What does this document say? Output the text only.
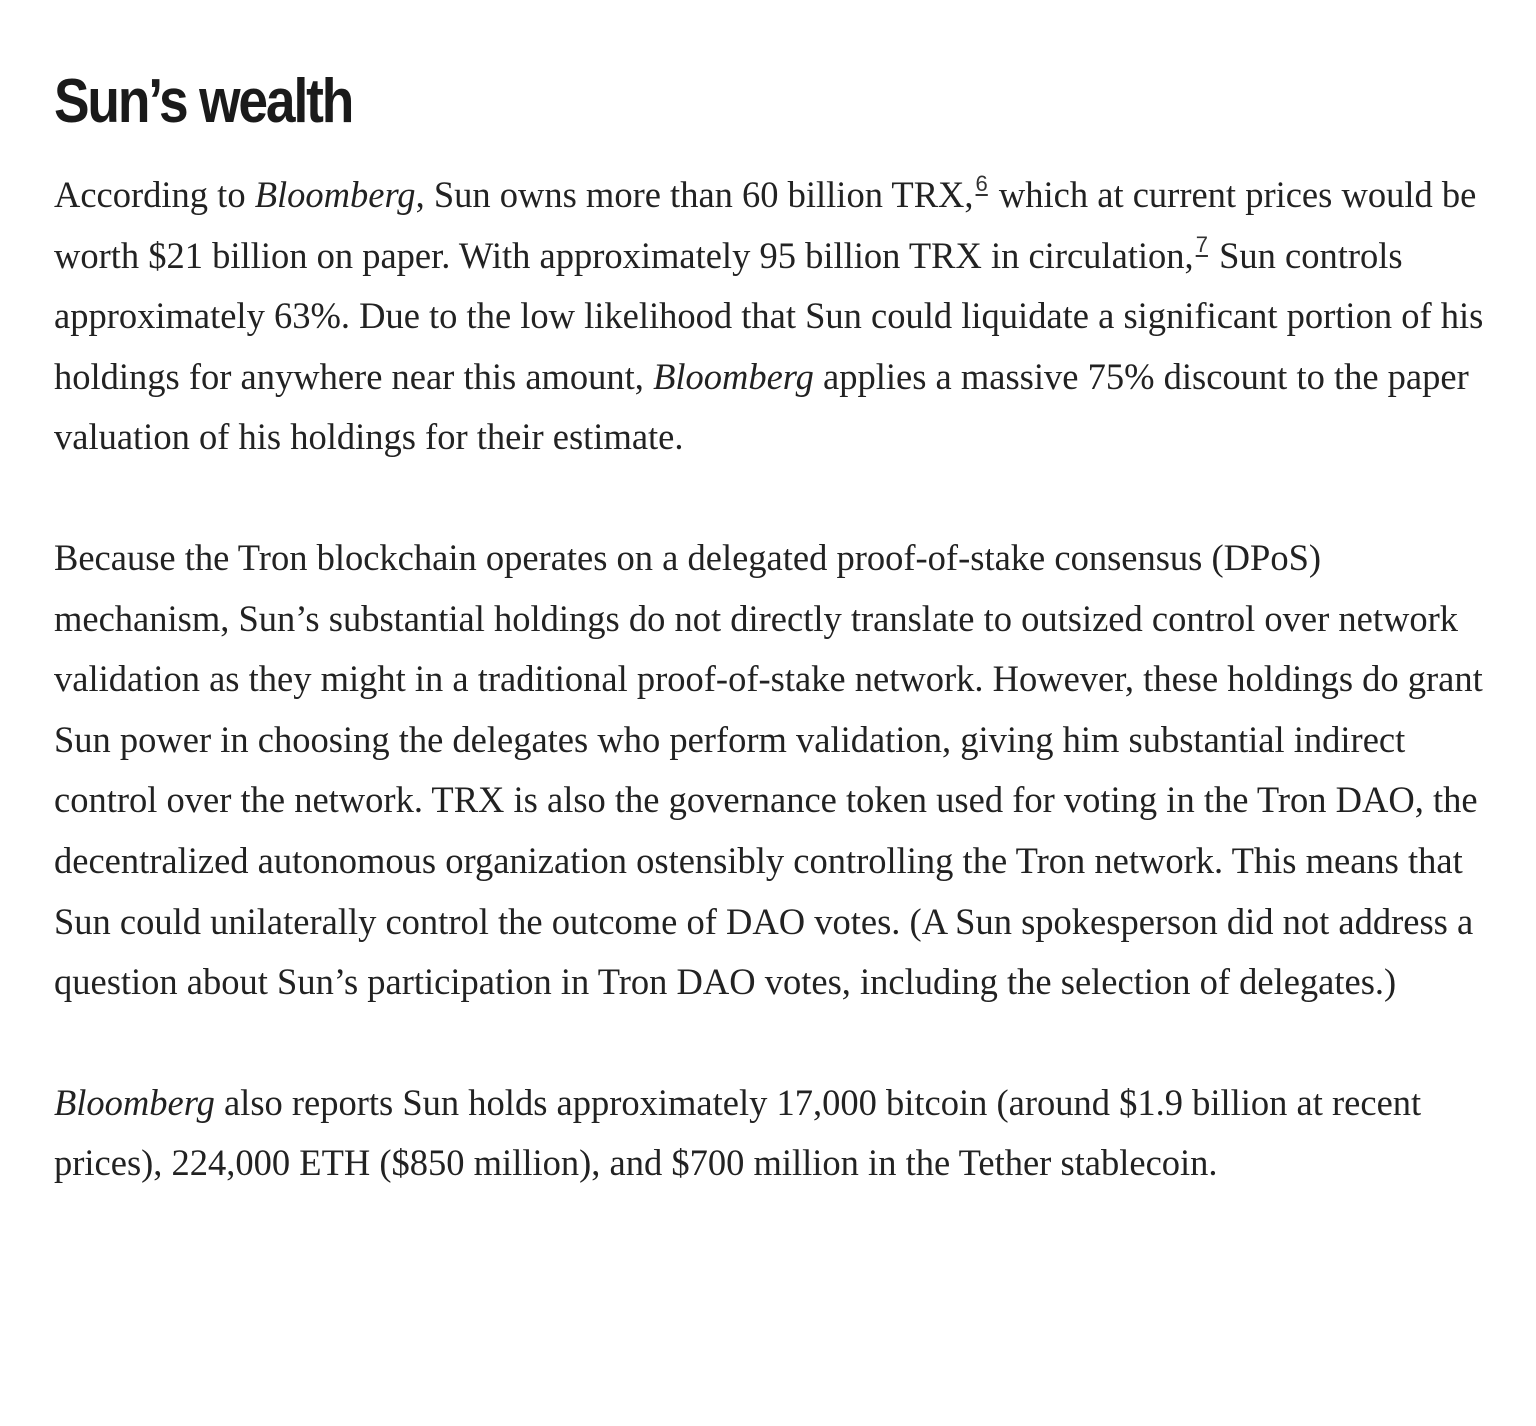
Sun’s wealth

According to Bloomberg, Sun owns more than 60 billion TRX,$^6$ which at current prices would be worth $21 billion on paper. With approximately 95 billion TRX in circulation,$^7$ Sun controls approximately 63%. Due to the low likelihood that Sun could liquidate a significant portion of his holdings for anywhere near this amount, Bloomberg applies a massive 75% discount to the paper valuation of his holdings for their estimate.

Because the Tron blockchain operates on a delegated proof-of-stake consensus (DPoS) mechanism, Sun’s substantial holdings do not directly translate to outsized control over network validation as they might in a traditional proof-of-stake network. However, these holdings do grant Sun power in choosing the delegates who perform validation, giving him substantial indirect control over the network. TRX is also the governance token used for voting in the Tron DAO, the decentralized autonomous organization ostensibly controlling the Tron network. This means that Sun could unilaterally control the outcome of DAO votes. (A Sun spokesperson did not address a question about Sun’s participation in Tron DAO votes, including the selection of delegates.)

Bloomberg also reports Sun holds approximately 17,000 bitcoin (around $1.9 billion at recent prices), 224,000 ETH ($850 million), and $700 million in the Tether stablecoin.
